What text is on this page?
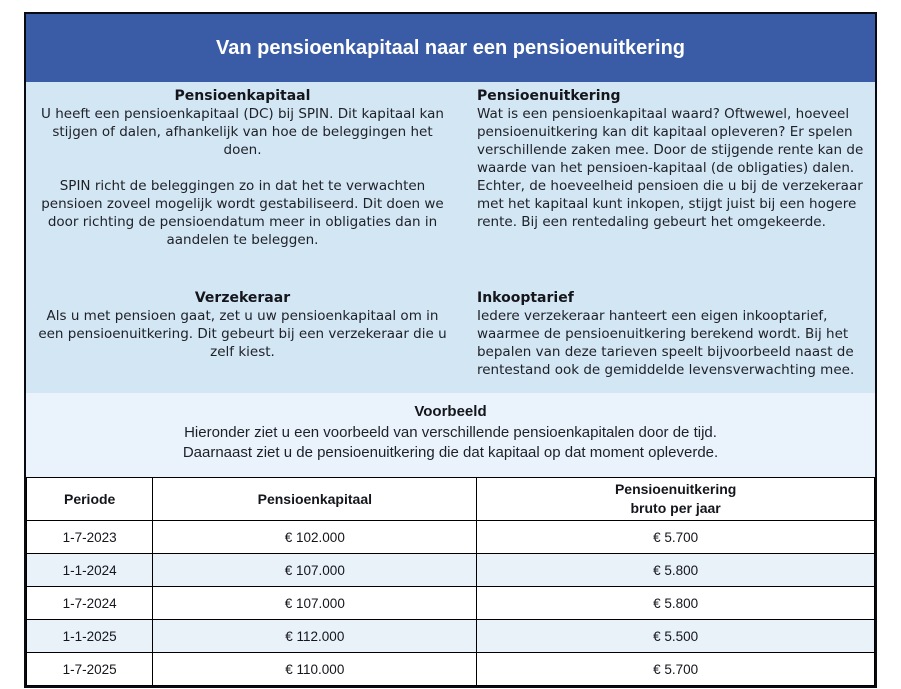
Van pensioenkapitaal naar een pensioenuitkering
Pensioenkapitaal

U heeft een pensioenkapitaal (DC) bij SPIN. Dit kapitaal kan stijgen of dalen, afhankelijk van hoe de beleggingen het doen.

SPIN richt de beleggingen zo in dat het te verwachten pensioen zoveel mogelijk wordt gestabiliseerd. Dit doen we door richting de pensioendatum meer in obligaties dan in aandelen te beleggen.

Pensioenuitkering

Wat is een pensioenkapitaal waard? Oftwewel, hoeveel pensioenuitkering kan dit kapitaal opleveren? Er spelen verschillende zaken mee. Door de stijgende rente kan de waarde van het pensioen-kapitaal (de obligaties) dalen. Echter, de hoeveelheid pensioen die u bij de verzekeraar met het kapitaal kunt inkopen, stijgt juist bij een hogere rente. Bij een rentedaling gebeurt het omgekeerde.

Verzekeraar

Als u met pensioen gaat, zet u uw pensioenkapitaal om in een pensioenuitkering. Dit gebeurt bij een verzekeraar die u zelf kiest.

Inkooptarief

Iedere verzekeraar hanteert een eigen inkooptarief, waarmee de pensioenuitkering berekend wordt. Bij het bepalen van deze tarieven speelt bijvoorbeeld naast de rentestand ook de gemiddelde levensverwachting mee.

Voorbeeld

Hieronder ziet u een voorbeeld van verschillende pensioenkapitalen door de tijd.

Daarnaast ziet u de pensioenuitkering die dat kapitaal op dat moment opleverde.

Periode	Pensioenkapitaal	Pensioenuitkering
bruto per jaar

1-7-2023	€ 102.000	€ 5.700
1-1-2024	€ 107.000	€ 5.800
1-7-2024	€ 107.000	€ 5.800
1-1-2025	€ 112.000	€ 5.500
1-7-2025	€ 110.000	€ 5.700
